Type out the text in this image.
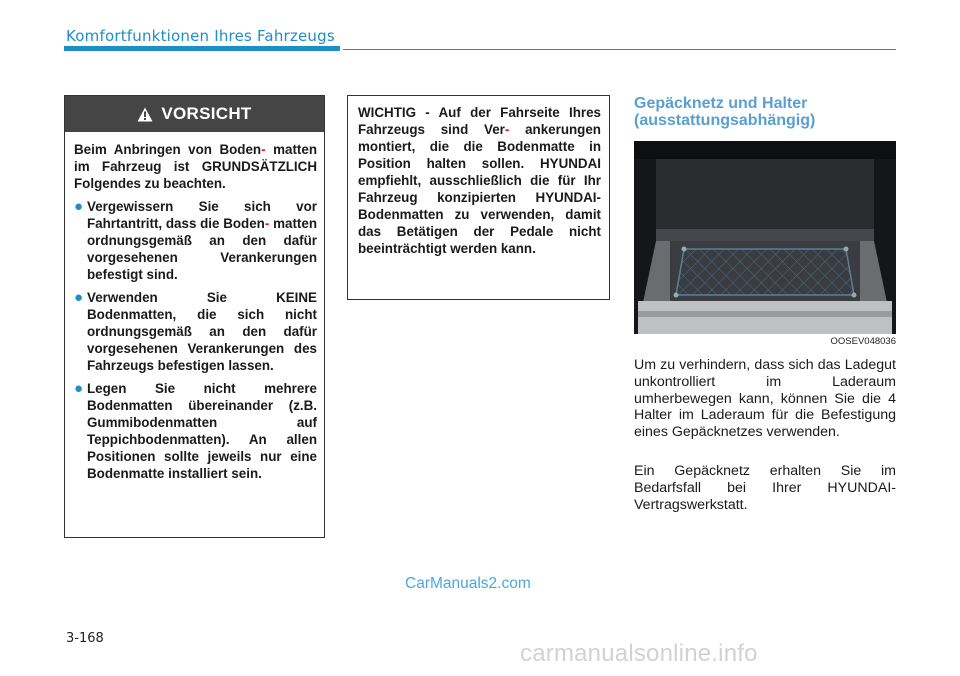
Komfortfunktionen Ihres Fahrzeugs
VORSICHT
Beim Anbringen von Boden- matten im Fahrzeug ist GRUNDSÄTZLICH Folgendes zu beachten.
● Vergewissern Sie sich vor Fahrtantritt, dass die Boden- matten ordnungsgemäß an den dafür vorgesehenen Verankerungen befestigt sind.
● Verwenden Sie KEINE Bodenmatten, die sich nicht ordnungsgemäß an den dafür vorgesehenen Verankerungen des Fahrzeugs befestigen lassen.
● Legen Sie nicht mehrere Bodenmatten übereinander (z.B. Gummibodenmatten auf Teppichbodenmatten). An allen Positionen sollte jeweils nur eine Bodenmatte installiert sein.
WICHTIG - Auf der Fahrseite Ihres Fahrzeugs sind Ver- ankerungen montiert, die die Bodenmatte in Position halten sollen. HYUNDAI empfiehlt, ausschließlich die für Ihr Fahrzeug konzipierten HYUNDAI-Bodenmatten zu verwenden, damit das Betätigen der Pedale nicht beeinträchtigt werden kann.
Gepäcknetz und Halter
(ausstattungsabhängig)
OOSEV048036
Um zu verhindern, dass sich das Ladegut unkontrolliert im Laderaum umherbewegen kann, können Sie die 4 Halter im Laderaum für die Befestigung eines Gepäcknetzes verwenden.
Ein Gepäcknetz erhalten Sie im Bedarfsfall bei Ihrer HYUNDAI-Vertragswerkstatt.
CarManuals2.com
3-168
carmanualsonline.info
